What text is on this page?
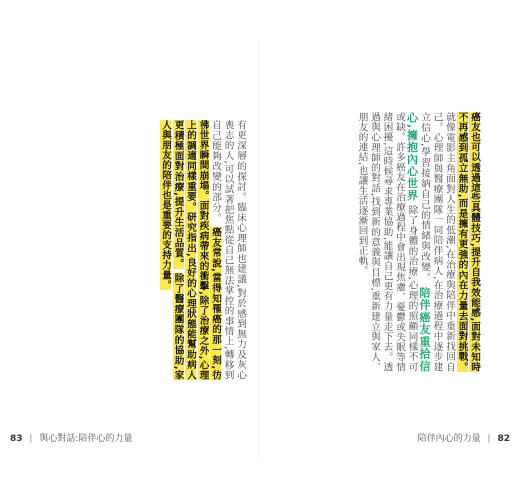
有更深層的探討。臨床心理師也建議,對於感到無力及灰心喪志的人,可以試著把焦點從自己無法掌控的事情上,轉移到自己能夠改變的部分。 癌友常說,當得知罹癌的那一刻,彷彿世界瞬間崩塌。面對疾病帶來的衝擊,除了治療之外,心理上的調適同樣重要。研究指出,良好的心理狀態能幫助病人更積極面對治療,提升生活品質。 除了醫療團隊的協助,家人與朋友的陪伴也是重要的支持力量。
83 | 與心對話:陪伴心的力量
癌友也可以透過這些具體技巧,提升自我效能感,面對未知時不再感到孤立無助,而是擁有更強的內在力量去面對挑戰。 就像電影主角面對人生的低潮,在治療與陪伴中重新找回自己。心理師與醫療團隊一同陪伴病人,在治療過程中逐步建立信心,學習接納自己的情緒與改變。 陪伴癌友重拾信心,擁抱內心世界 除了身體的治療,心理的照顧同樣不可或缺。許多癌友在治療過程中會出現焦慮、憂鬱或失眠等情緒困擾,這時候尋求專業協助,能讓自己更有力量走下去。透過與心理師的對話,找到新的意義與目標,重新建立與家人、朋友的連結,也讓生活逐漸回到正軌。
陪伴內心的力量 | 82
